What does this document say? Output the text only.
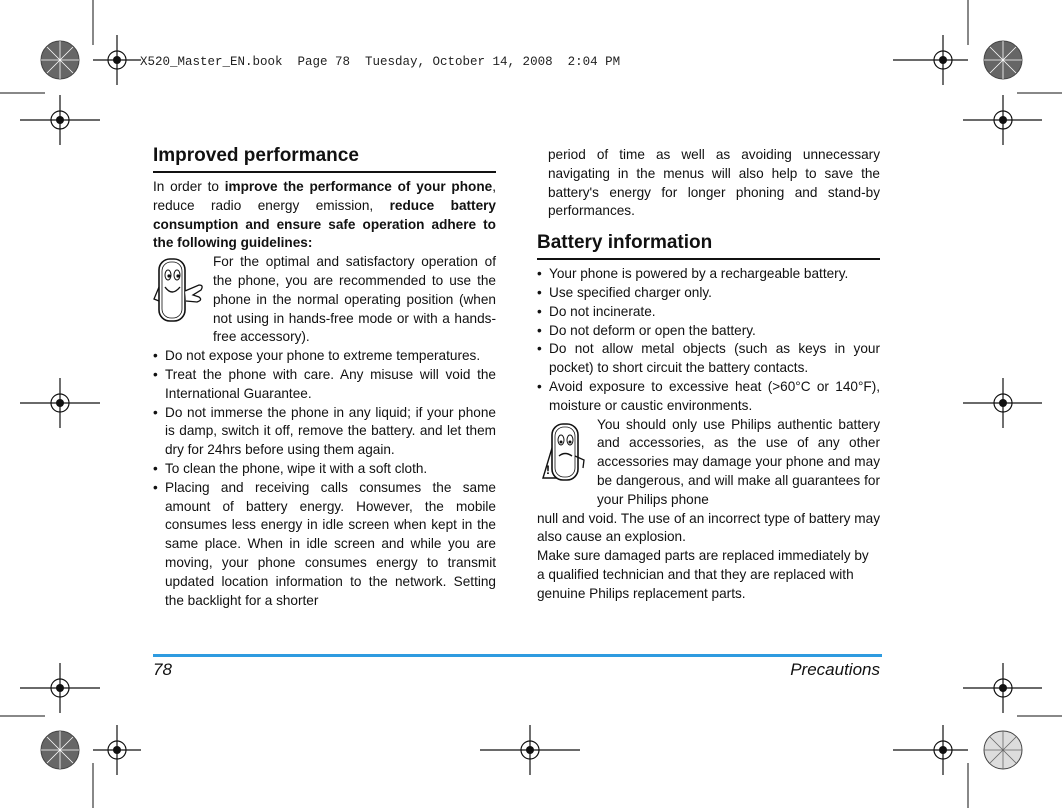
X520_Master_EN.book  Page 78  Tuesday, October 14, 2008  2:04 PM
Improved performance

In order to improve the performance of your phone, reduce radio energy emission, reduce battery consumption and ensure safe operation adhere to the following guidelines:

For the optimal and satisfactory operation of the phone, you are recommended to use the phone in the normal operating position (when not using in hands-free mode or with a hands-free accessory).
• Do not expose your phone to extreme temperatures.
• Treat the phone with care. Any misuse will void the International Guarantee.
• Do not immerse the phone in any liquid; if your phone is damp, switch it off, remove the battery. and let them dry for 24hrs before using them again.
• To clean the phone, wipe it with a soft cloth.
• Placing and receiving calls consumes the same amount of battery energy. However, the mobile consumes less energy in idle screen when kept in the same place. When in idle screen and while you are moving, your phone consumes energy to transmit updated location information to the network. Setting the backlight for a shorter

period of time as well as avoiding unnecessary navigating in the menus will also help to save the battery's energy for longer phoning and stand-by performances.

Battery information
• Your phone is powered by a rechargeable battery.
• Use specified charger only.
• Do not incinerate.
• Do not deform or open the battery.
• Do not allow metal objects (such as keys in your pocket) to short circuit the battery contacts.
• Avoid exposure to excessive heat (>60°C or 140°F), moisture or caustic environments.
!
You should only use Philips authentic battery and accessories, as the use of any other accessories may damage your phone and may be dangerous, and will make all guarantees for your Philips phone

null and void. The use of an incorrect type of battery may also cause an explosion.

Make sure damaged parts are replaced immediately by a qualified technician and that they are replaced with genuine Philips replacement parts.

78	Precautions
